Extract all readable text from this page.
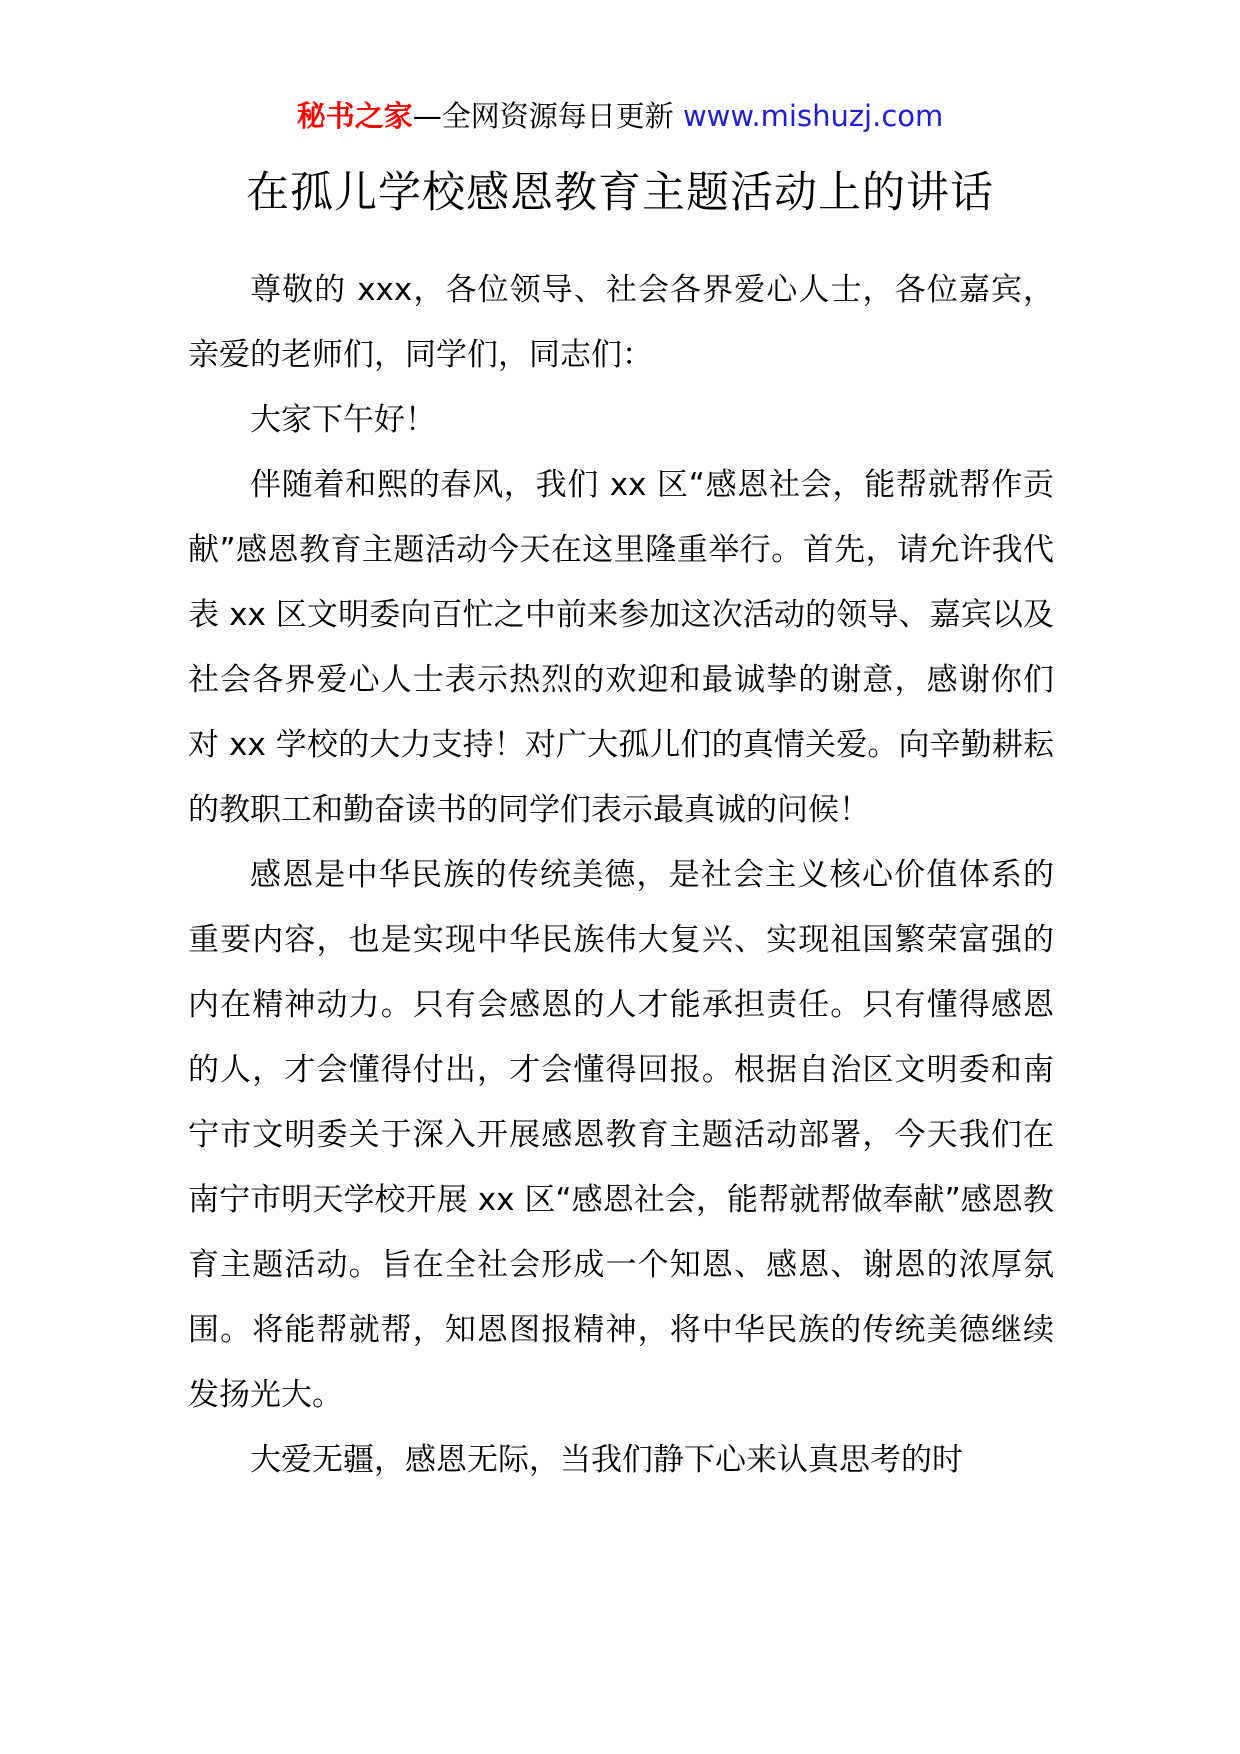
秘书之家—全网资源每日更新 www.mishuzj.com
在孤儿学校感恩教育主题活动上的讲话

尊敬的 xxx，各位领导、社会各界爱心人士，各位嘉宾，亲爱的老师们，同学们，同志们：

大家下午好！

伴随着和熙的春风，我们 xx 区“感恩社会，能帮就帮作贡献”感恩教育主题活动今天在这里隆重举行。首先，请允许我代表 xx 区文明委向百忙之中前来参加这次活动的领导、嘉宾以及社会各界爱心人士表示热烈的欢迎和最诚挚的谢意，感谢你们对 xx 学校的大力支持！对广大孤儿们的真情关爱。向辛勤耕耘的教职工和勤奋读书的同学们表示最真诚的问候！

感恩是中华民族的传统美德，是社会主义核心价值体系的重要内容，也是实现中华民族伟大复兴、实现祖国繁荣富强的内在精神动力。只有会感恩的人才能承担责任。只有懂得感恩的人，才会懂得付出，才会懂得回报。根据自治区文明委和南宁市文明委关于深入开展感恩教育主题活动部署，今天我们在南宁市明天学校开展 xx 区“感恩社会，能帮就帮做奉献”感恩教育主题活动。旨在全社会形成一个知恩、感恩、谢恩的浓厚氛围。将能帮就帮，知恩图报精神，将中华民族的传统美德继续发扬光大。

大爱无疆，感恩无际，当我们静下心来认真思考的时
